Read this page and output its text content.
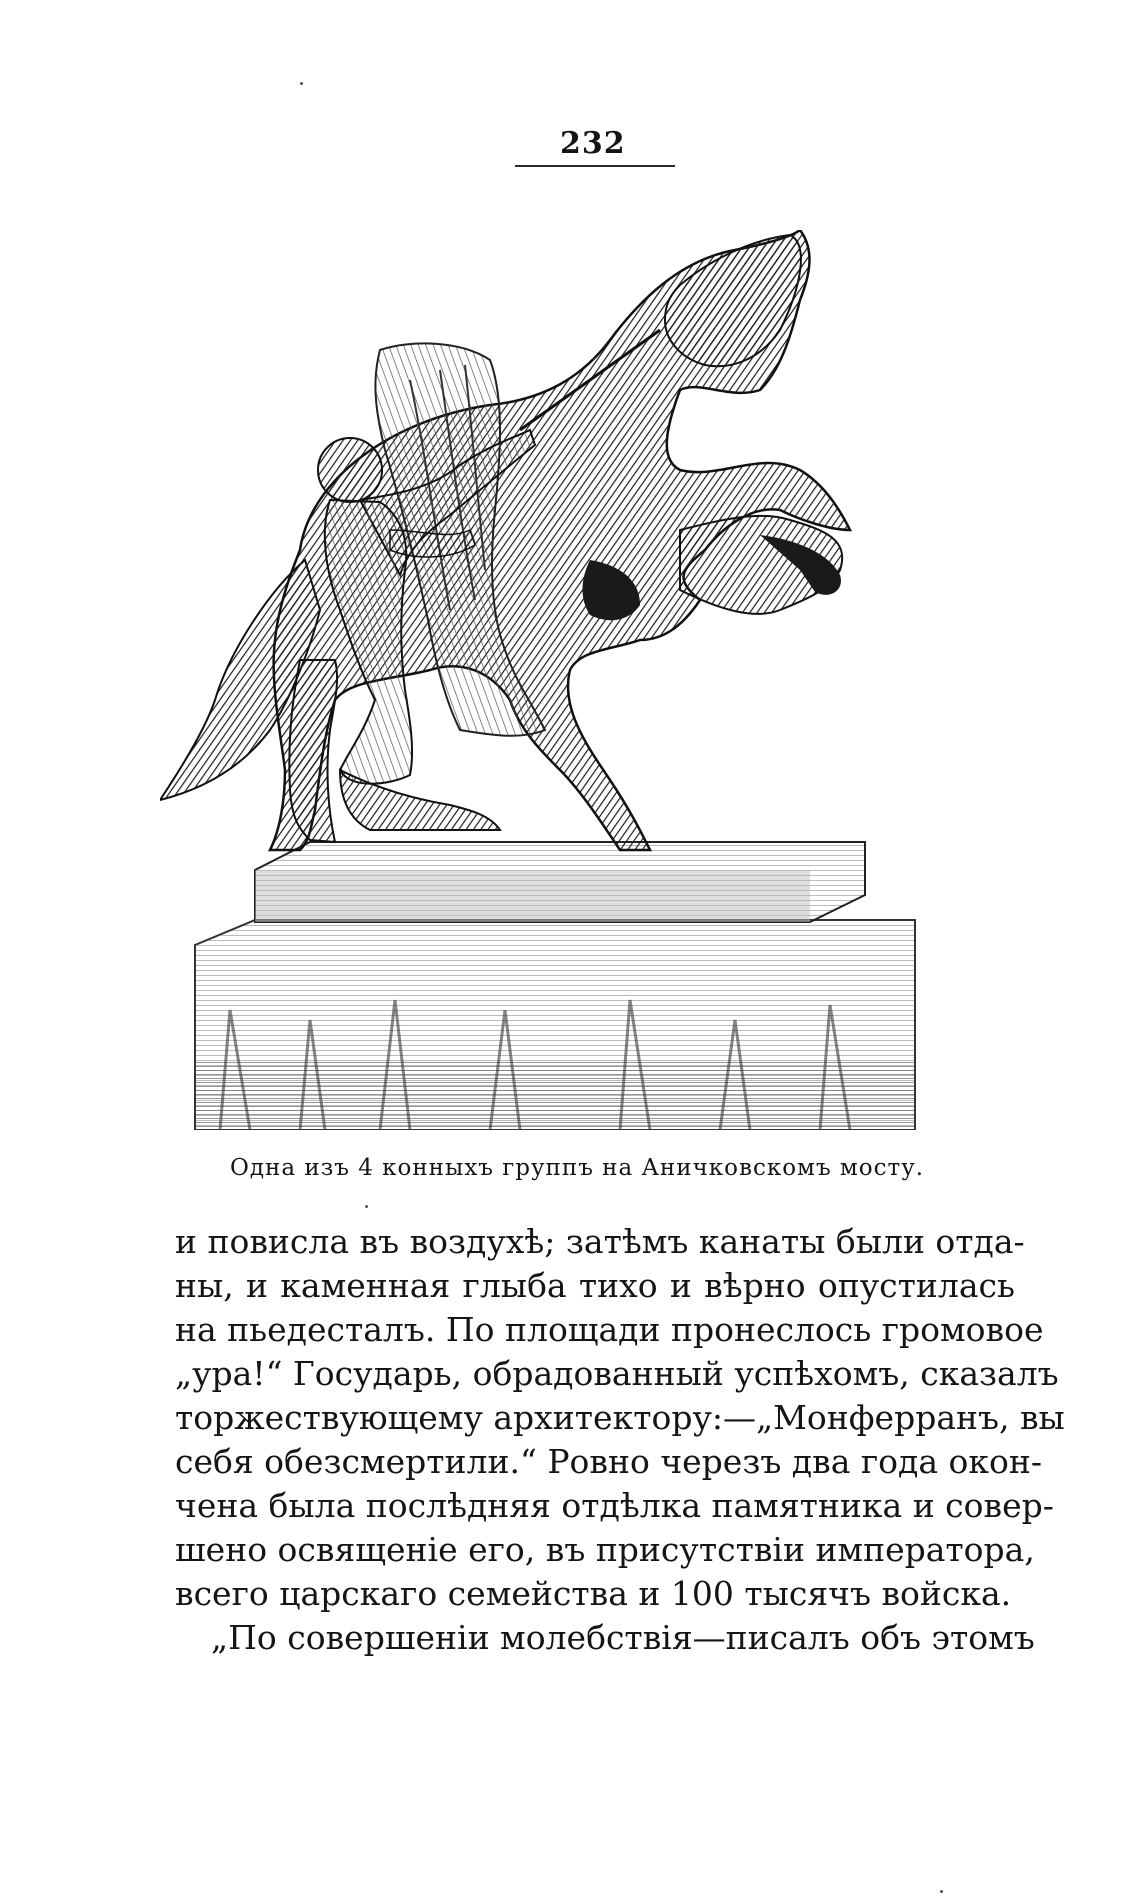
232
Одна изъ 4 конныхъ группъ на Аничковскомъ мосту.
и повисла въ воздухѣ; затѣмъ канаты были отда-
ны, и каменная глыба тихо и вѣрно опустилась
на пьедесталъ. По площади пронеслось громовое
„ура!“ Государь, обрадованный успѣхомъ, сказалъ
торжествующему архитектору:—„Монферранъ, вы
себя обезсмертили.“ Ровно черезъ два года окон-
чена была послѣдняя отдѣлка памятника и совер-
шено освященіе его, въ присутствіи императора,
всего царскаго семейства и 100 тысячъ войска.
„По совершеніи молебствія—писалъ объ этомъ
